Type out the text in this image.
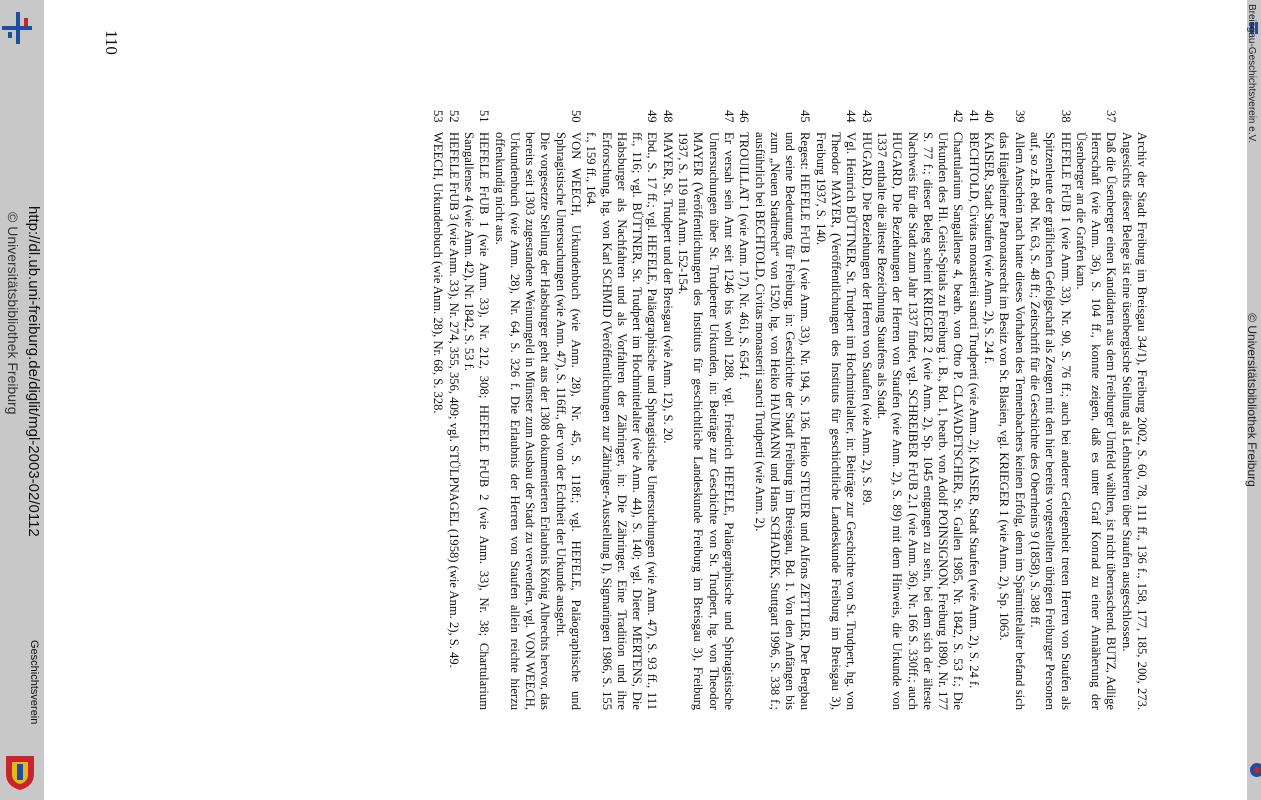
© Universitätsbibliothek Freiburg
Breisgau-Geschichtsverein e.V.
Archiv der Stadt Freiburg im Breisgau 34/1), Freiburg 2002, S. 60, 78, 111 ff., 136 f., 158, 177, 185, 200, 273. Angesichts dieser Belege ist eine üsenbergische Stellung als Lehnsherren über Staufen ausgeschlossen.
37
Daß die Üsenberger einen Kandidaten aus dem Freiburger Umfeld wählten, ist nicht überraschend. BUTZ, Adlige Herrschaft (wie Anm. 36), S. 104 ff., konnte zeigen, daß es unter Graf Konrad zu einer Annäherung der Üsenberger an die Grafen kam.
38
HEFELE FrUB 1 (wie Anm. 33), Nr. 90, S. 76 ff.; auch bei anderer Gelegenheit treten Herren von Staufen als Spitzenleute der gräflichen Gefolgschaft als Zeugen mit den hier bereits vorgestellten übrigen Freiburger Personen auf, so z.B. ebd. Nr. 63, S. 48 ff.; Zeitschrift für die Geschichte des Oberrheins 9 (1858), S. 388 ff.
39
Allem Anschein nach hatte dieses Vorhaben des Tennenbachers keinen Erfolg, denn im Spätmittelalter befand sich das Hügelheimer Patronatsrecht im Besitz von St. Blasien, vgl. KRIEGER 1 (wie Anm. 2), Sp. 1063.
40
KAISER, Stadt Staufen (wie Anm. 2), S. 24 f.
41
BECHTOLD, Civitas monasterii sancti Trudperti (wie Anm. 2); KAISER, Stadt Staufen (wie Anm. 2), S. 24 f.
42
Chartularium Sangallense 4, bearb. von Otto P. CLAVADETSCHER, St. Gallen 1985, Nr. 1842, S. 53 f.; Die Urkunden des Hl. Geist-Spitals zu Freiburg i. B., Bd. 1, bearb. von Adolf POINSIGNON, Freiburg 1890, Nr. 177 S. 77 f.; dieser Beleg scheint KRIEGER 2 (wie Anm. 2), Sp. 1045 entgangen zu sein, bei dem sich der älteste Nachweis für die Stadt zum Jahr 1337 findet, vgl. SCHREIBER FrUB 2,1 (wie Anm. 36), Nr. 166 S. 330ff.; auch HUGARD, Die Beziehungen der Herren von Staufen (wie Anm. 2), S. 89) mit dem Hinweis, die Urkunde von 1337 enthalte die älteste Bezeichnung Staufens als Stadt.
43
HUGARD, Die Beziehungen der Herren von Staufen (wie Anm. 2), S. 89.
44
Vgl. Heinrich BÜTTNER, St. Trudpert im Hochmittelalter, in: Beiträge zur Geschichte von St. Trudpert, hg. von Theodor MAYER, (Veröffentlichungen des Instituts für geschichtliche Landeskunde Freiburg im Breisgau 3), Freiburg 1937, S. 140.
45
Regest: HEFELE FrUB 1 (wie Anm. 33), Nr. 194, S. 136. Heiko STEUER und Alfons ZETTLER, Der Bergbau und seine Bedeutung für Freiburg, in: Geschichte der Stadt Freiburg im Breisgau, Bd. 1. Von den Anfängen bis zum „Neuen Stadtrecht“ von 1520, hg. von Heiko HAUMANN und Hans SCHADEK, Stuttgart 1996, S. 338 f.; ausführlich bei BECHTOLD, Civitas monasterii sancti Trudperti (wie Anm. 2).
46
TROUILLAT 1 (wie Anm. 17), Nr. 461, S. 654 f.
47
Er versah sein Amt seit 1246 bis wohl 1288, vgl. Friedrich HEFELE, Paläographische und Sphragistische Untersuchungen über St. Trudperter Urkunden, in: Beiträge zur Geschichte von St. Trudpert, hg. von Theodor MAYER (Veröffentlichungen des Instituts für geschichtliche Landeskunde Freiburg im Breisgau 3), Freiburg 1937, S. 119 mit Anm. 152-154.
48
MAYER, St. Trudpert und der Breisgau (wie Anm. 12), S. 20.
49
Ebd., S. 17 ff.; vgl. HEFELE, Paläographische und Sphragistische Untersuchungen (wie Anm. 47), S. 93 ff., 111 ff., 116; vgl. BÜTTNER, St. Trudpert im Hochmittelalter (wie Anm. 44), S. 140; vgl. Dieter MERTENS, Die Habsburger als Nachfahren und als Vorfahren der Zähringer, in: Die Zähringer. Eine Tradition und ihre Erforschung, hg. von Karl SCHMID (Veröffentlichungen zur Zähringer-Ausstellung I), Sigmaringen 1986, S. 155 f., 159 ff., 164.
50
VON WEECH, Urkundenbuch (wie Anm. 28), Nr. 45, S. 118f.; vgl. HEFELE, Paläographische und Sphragistische Untersuchungen (wie Anm. 47), S. 116ff., der von der Echtheit der Urkunde ausgeht.
Die vorgesetzte Stellung der Habsburger geht aus der 1308 dokumentierten Erlaubnis König Albrechts hervor, das bereits seit 1303 zugestandene Weinumgeld in Münster zum Ausbau der Stadt zu verwenden, vgl. VON WEECH, Urkundenbuch (wie Anm. 28), Nr. 64, S. 326 f. Die Erlaubnis der Herren von Staufen allein reichte hierzu offenkundig nicht aus.
51
HEFELE FrUB 1 (wie Anm. 33), Nr. 212, 308; HEFELE FrUB 2 (wie Anm. 33), Nr. 38; Chartularium Sangallense 4 (wie Anm. 42), Nr. 1842, S. 53 f.
52
HEFELE FrUB 3 (wie Anm. 33), Nr. 274, 355, 356, 409; vgl. STÜLPNAGEL (1958) (wie Anm. 2), S. 49.
53
WEECH, Urkundenbuch (wie Anm. 28), Nr. 68, S. 328.
110
http://dl.ub.uni-freiburg.de/diglit/mgl-2003-02/0112
© Universitätsbibliothek Freiburg
Geschichtsverein
